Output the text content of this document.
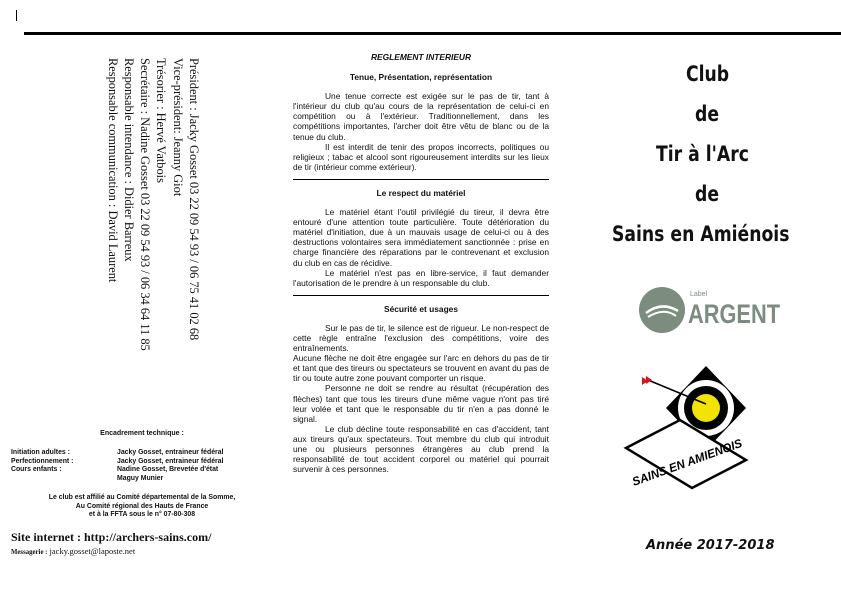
Président : Jacky Gosset 03 22 09 54 93 / 06 75 41 02 68
Vice-président: Jeanny Giot
Trésorier : Hervé Vatbois
Secrétaire : Nadine Gosset 03 22 09 54 93 / 06 34 64 11 85
Responsable intendance : Didier Barreux
Responsable communication : David Laurent
Encadrement technique :
Initiation adultes :	Jacky Gosset, entraineur fédéral
Perfectionnement :	Jacky Gosset, entraineur fédéral
Cours enfants :	Nadine Gosset, Brevetée d'état
Maguy Munier
Le club est affilié au Comité départemental de la Somme,
Au Comité régional des Hauts de France
et à la FFTA sous le n° 07-80-308
Site internet : http://archers-sains.com/
Messagerie : jacky.gosset@laposte.net
REGLEMENT INTERIEUR
Tenue, Présentation, représentation

Une tenue correcte est exigée sur le pas de tir, tant à l'intérieur du club qu'au cours de la représentation de celui-ci en compétition ou à l'extérieur. Traditionnellement, dans les compétitions importantes, l'archer doit être vêtu de blanc ou de la tenue du club.

Il est interdit de tenir des propos incorrects, politiques ou religieux ; tabac et alcool sont rigoureusement interdits sur les lieux de tir (intérieur comme extérieur).

Le respect du matériel

Le matériel étant l'outil privilégié du tireur, il devra être entouré d'une attention toute particulière. Toute détérioration du matériel d'initiation, due à un mauvais usage de celui-ci ou à des destructions volontaires sera immédiatement sanctionnée : prise en charge financière des réparations par le contrevenant et exclusion du club en cas de récidive.

Le matériel n'est pas en libre-service, il faut demander l'autorisation de le prendre à un responsable du club.

Sécurité et usages

Sur le pas de tir, le silence est de rigueur. Le non-respect de cette règle entraîne l'exclusion des compétitions, voire des entraînements.

Aucune flèche ne doit être engagée sur l'arc en dehors du pas de tir et tant que des tireurs ou spectateurs se trouvent en avant du pas de tir ou toute autre zone pouvant comporter un risque.

Personne ne doit se rendre au résultat (récupération des flèches) tant que tous les tireurs d'une même vague n'ont pas tiré leur volée et tant que le responsable du tir n'en a pas donné le signal.

Le club décline toute responsabilité en cas d'accident, tant aux tireurs qu'aux spectateurs. Tout membre du club qui introduit une ou plusieurs personnes étrangères au club prend la responsabilité de tout accident corporel ou matériel qui pourrait survenir à ces personnes.

Club
de
Tir à l'Arc
de
Sains en Amiénois
Label
ARGENT
SAINS EN AMIENOIS
Année 2017-2018
